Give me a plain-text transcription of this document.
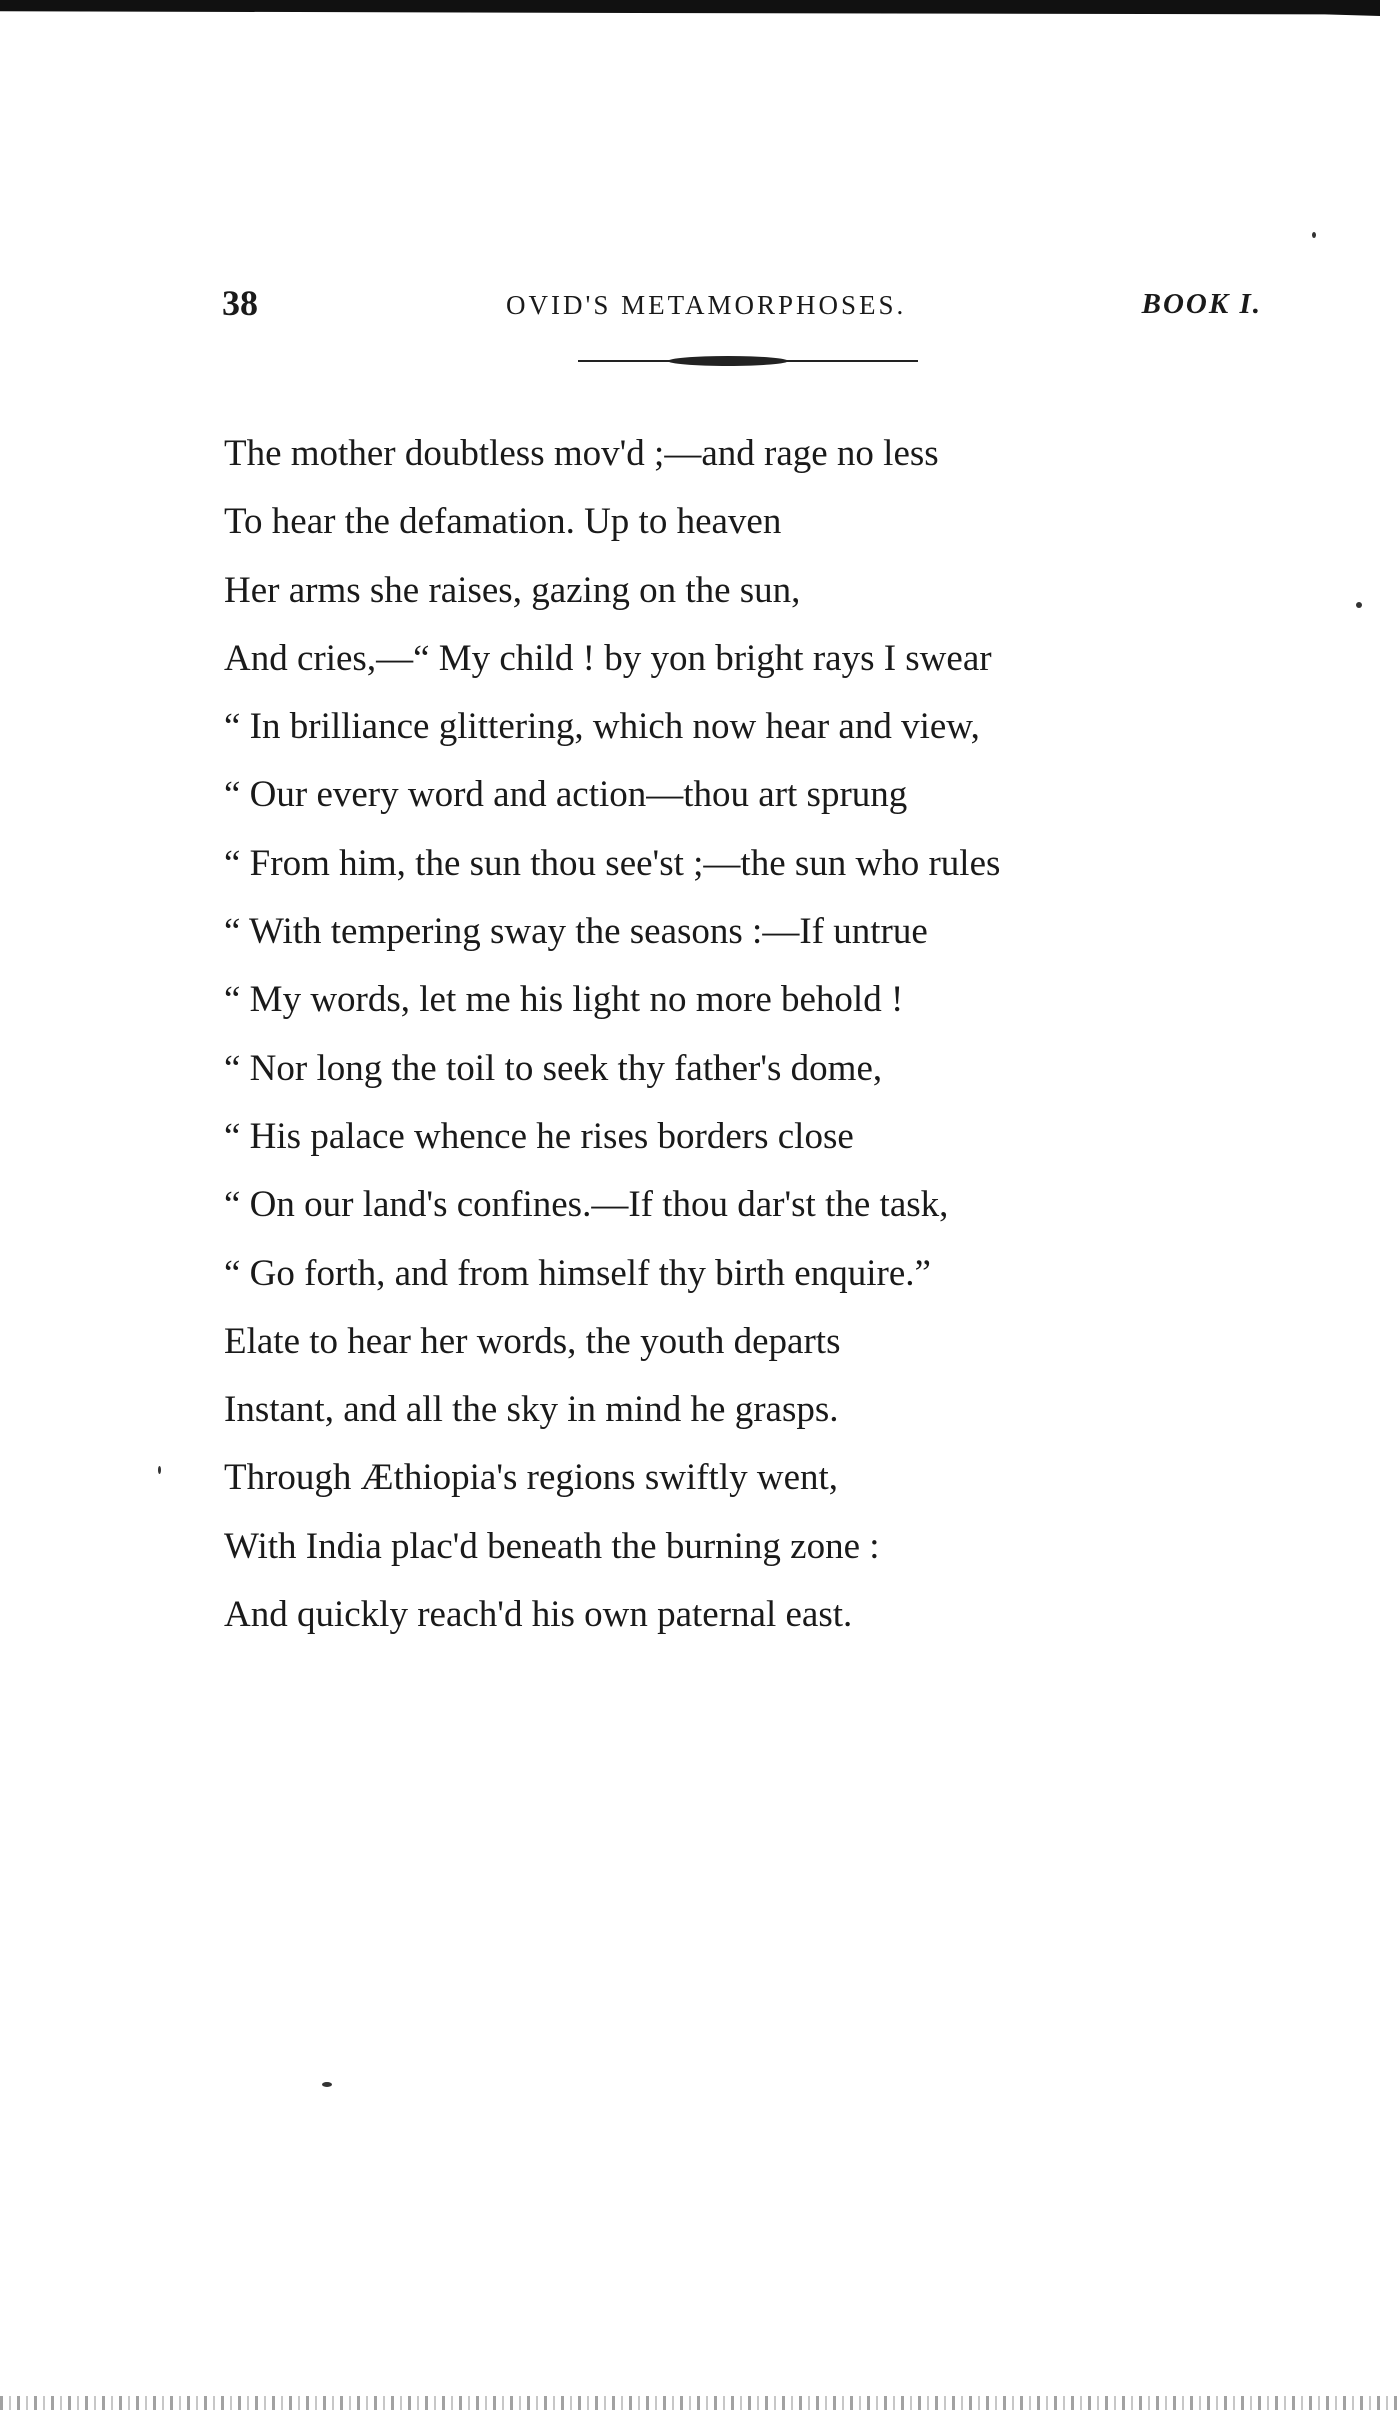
38	OVID'S METAMORPHOSES.	BOOK I.
The mother doubtless mov'd ;—and rage no less
To hear the defamation. Up to heaven
Her arms she raises, gazing on the sun,
And cries,—“ My child ! by yon bright rays I swear
“ In brilliance glittering, which now hear and view,
“ Our every word and action—thou art sprung
“ From him, the sun thou see'st ;—the sun who rules
“ With tempering sway the seasons :—If untrue
“ My words, let me his light no more behold !
“ Nor long the toil to seek thy father's dome,
“ His palace whence he rises borders close
“ On our land's confines.—If thou dar'st the task,
“ Go forth, and from himself thy birth enquire.”
Elate to hear her words, the youth departs
Instant, and all the sky in mind he grasps.
Through Æthiopia's regions swiftly went,
With India plac'd beneath the burning zone :
And quickly reach'd his own paternal east.
